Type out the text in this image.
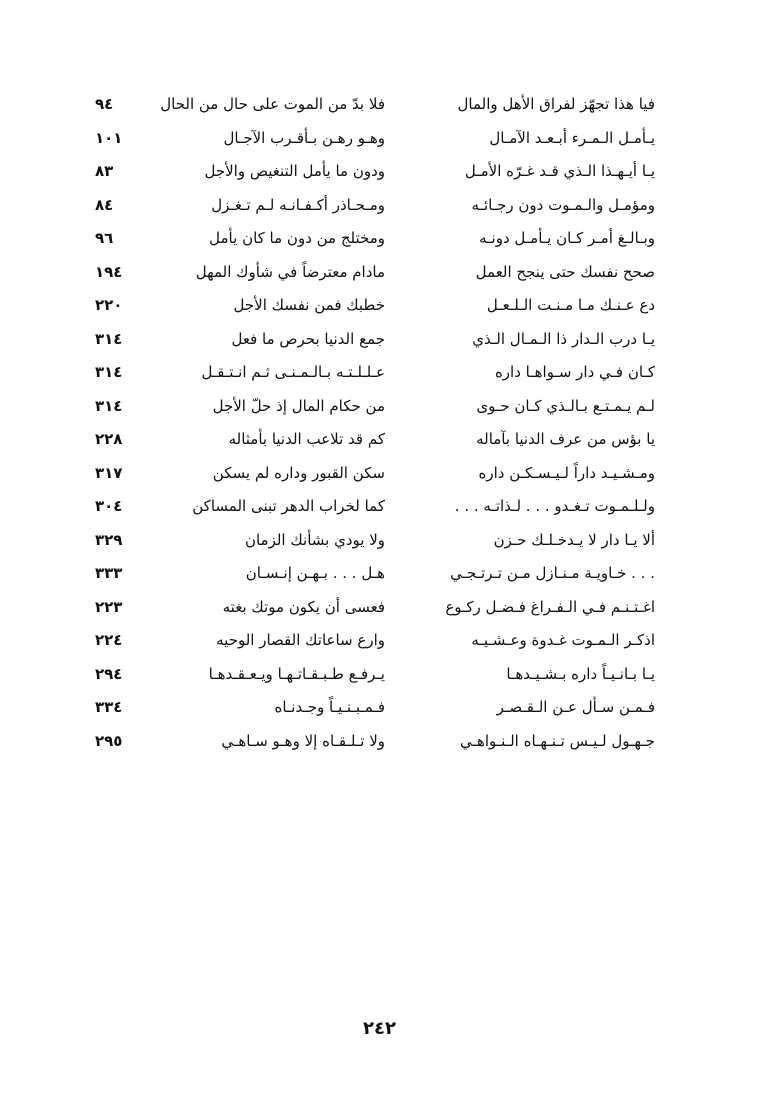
فيا هذا تجهّز لفراق الأهل والمال
يـأمـل الـمـرء أبـعـد الآمـال
يـا أيـهـذا الـذي قـد غـرّه الأمـل
ومؤمـل والـمـوت دون رجـائـه
وبـالـغ أمـر كـان يـأمـل دونـه
صحح نفسك حتى ينجح العمل
دع عـنـك مـا مـنـت الـلـعـل
يـا درب الـدار ذا الـمـال الـذي
كـان فـي دار سـواهـا داره
لـم يـمـتـع بـالـذي كـان حـوى
يا بؤس من عرف الدنيا بآماله
ومـشـيـد داراً لـيـسـكـن داره
ولـلـمـوت تـغـدو . . . لـذاتـه . . .
ألا يـا دار لا يـدخـلـك حـزن
. . . خـاويـة مـنـازل مـن تـرتـجـي
اغـتـنـم فـي الـفـراغ فـضـل ركـوع
اذكـر الـمـوت غـدوة وعـشـيـه
يـا بـانـيـاً داره بـشـيـدهـا
فـمـن سـأل عـن الـقـصـر
جـهـول لـيـس تـنـهـاه الـنـواهـي
فلا بدّ من الموت على حال من الحال
٩٤
وهـو رهـن بـأقـرب الآجـال
١٠١
ودون ما يأمل التنغيص والأجل
٨٣
ومـحـاذر أكـفـانـه لـم تـغـزل
٨٤
ومختلج من دون ما كان يأمل
٩٦
مادام معترضاً في شأوك المهل
١٩٤
خطبك فمن نفسك الأجل
٢٢٠
جمع الدنيا بحرص ما فعل
٣١٤
عـلـلـتـه بـالـمـنـى ثـم انـتـقـل
٣١٤
من حكام المال إذ حلّ الأجل
٣١٤
كم قد تلاعب الدنيا بأمثاله
٢٢٨
سكن القبور وداره لم يسكن
٣١٧
كما لخراب الدهر تبنى المساكن
٣٠٤
ولا يودي بشأنك الزمان
٣٢٩
هـل . . . بـهـن إنـسـان
٣٣٣
فعسى أن يكون موتك بغته
٢٢٣
وارع ساعاتك القصار الوحيه
٢٢٤
يـرفـع طـبـقـاتـهـا ويـعـقـدهـا
٢٩٤
فـمـبـنـيـاً وجـدنـاه
٣٣٤
ولا تـلـقـاه إلا وهـو سـاهـي
٢٩٥
٢٤٢
